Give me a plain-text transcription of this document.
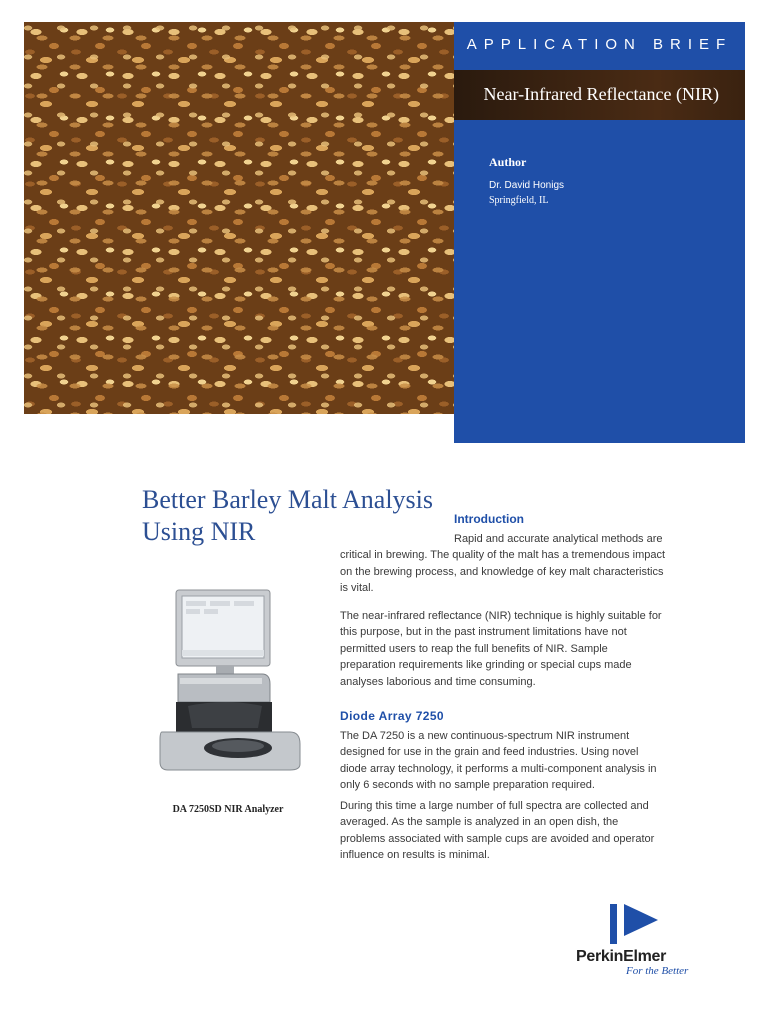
APPLICATION BRIEF
Near-Infrared Reflectance (NIR)
Author
Dr. David Honigs
Springfield, IL
Better Barley Malt Analysis
Using NIR
DA 7250SD NIR Analyzer
Introduction

Rapid and accurate analytical methods are critical in brewing. The quality of the malt has a tremendous impact on the brewing process, and knowledge of key malt characteristics is vital.

The near-infrared reflectance (NIR) technique is highly suitable for this purpose, but in the past instrument limitations have not permitted users to reap the full benefits of NIR. Sample preparation requirements like grinding or special cups made analyses laborious and time consuming.

Diode Array 7250

The DA 7250 is a new continuous-spectrum NIR instrument designed for use in the grain and feed industries. Using novel diode array technology, it performs a multi-component analysis in only 6 seconds with no sample preparation required.

During this time a large number of full spectra are collected and averaged. As the sample is analyzed in an open dish, the problems associated with sample cups are avoided and operator influence on results is minimal.

PerkinElmer
For the Better
